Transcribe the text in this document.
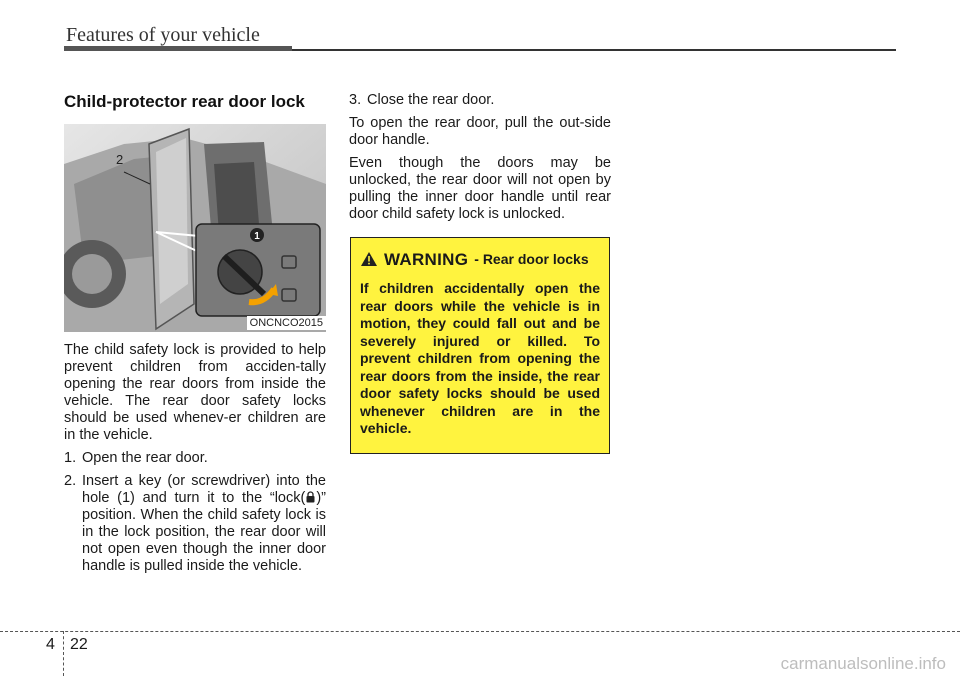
Features of your vehicle
Child-protector rear door lock
1
2
ONCNCO2015

The child safety lock is provided to help prevent children from acciden-tally opening the rear doors from inside the vehicle. The rear door safety locks should be used whenev-er children are in the vehicle.

1. Open the rear door.
2. Insert a key (or screwdriver) into the hole (1) and turn it to the “lock( )” position. When the child safety lock is in the lock position, the rear door will not open even though the inner door handle is pulled inside the vehicle.
3. Close the rear door.

To open the rear door, pull the out-side door handle.

Even though the doors may be unlocked, the rear door will not open by pulling the inner door handle until rear door child safety lock is unlocked.

WARNING - Rear door locks
If children accidentally open the rear doors while the vehicle is in motion, they could fall out and be severely injured or killed. To prevent children from opening the rear doors from the inside, the rear door safety locks should be used whenever children are in the vehicle.
4 22
carmanualsonline.info
